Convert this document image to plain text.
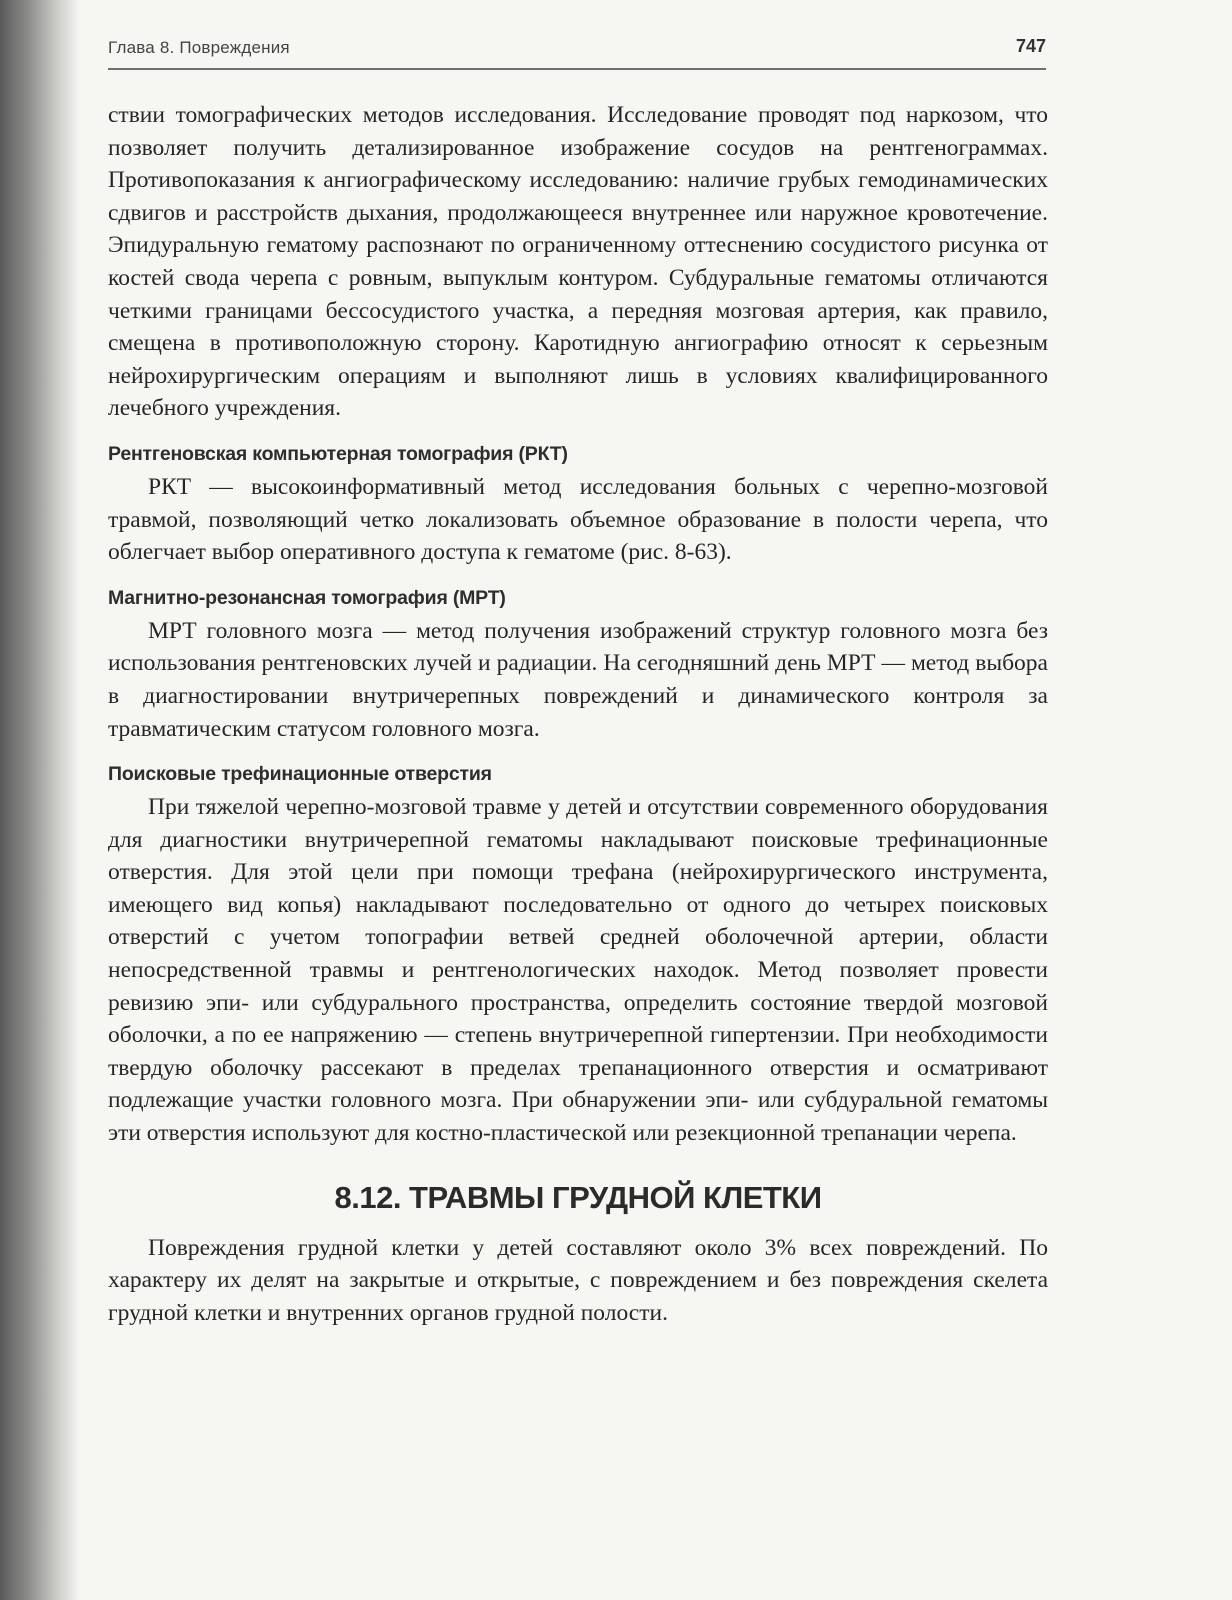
Глава 8. Повреждения	747

ствии томографических методов исследования. Исследование проводят под наркозом, что позволяет получить детализированное изображение сосудов на рентгенограммах. Противопоказания к ангиографическому исследованию: наличие грубых гемодинамических сдвигов и расстройств дыхания, продолжающееся внутреннее или наружное кровотечение. Эпидуральную гематому распознают по ограниченному оттеснению сосудистого рисунка от костей свода черепа с ровным, выпуклым контуром. Субдуральные гематомы отличаются четкими границами бессосудистого участка, а передняя мозговая артерия, как правило, смещена в противоположную сторону. Каротидную ангиографию относят к серьезным нейрохирургическим операциям и выполняют лишь в условиях квалифицированного лечебного учреждения.

Рентгеновская компьютерная томография (РКТ)

РКТ — высокоинформативный метод исследования больных с черепно-мозговой травмой, позволяющий четко локализовать объемное образование в полости черепа, что облегчает выбор оперативного доступа к гематоме (рис. 8-63).

Магнитно-резонансная томография (МРТ)

МРТ головного мозга — метод получения изображений структур головного мозга без использования рентгеновских лучей и радиации. На сегодняшний день МРТ — метод выбора в диагностировании внутричерепных повреждений и динамического контроля за травматическим статусом головного мозга.

Поисковые трефинационные отверстия

При тяжелой черепно-мозговой травме у детей и отсутствии современного оборудования для диагностики внутричерепной гематомы накладывают поисковые трефинационные отверстия. Для этой цели при помощи трефана (нейрохирургического инструмента, имеющего вид копья) накладывают последовательно от одного до четырех поисковых отверстий с учетом топографии ветвей средней оболочечной артерии, области непосредственной травмы и рентгенологических находок. Метод позволяет провести ревизию эпи- или субдурального пространства, определить состояние твердой мозговой оболочки, а по ее напряжению — степень внутричерепной гипертензии. При необходимости твердую оболочку рассекают в пределах трепанационного отверстия и осматривают подлежащие участки головного мозга. При обнаружении эпи- или субдуральной гематомы эти отверстия используют для костно-пластической или резекционной трепанации черепа.

8.12. ТРАВМЫ ГРУДНОЙ КЛЕТКИ

Повреждения грудной клетки у детей составляют около 3% всех повреждений. По характеру их делят на закрытые и открытые, с повреждением и без повреждения скелета грудной клетки и внутренних органов грудной полости.
